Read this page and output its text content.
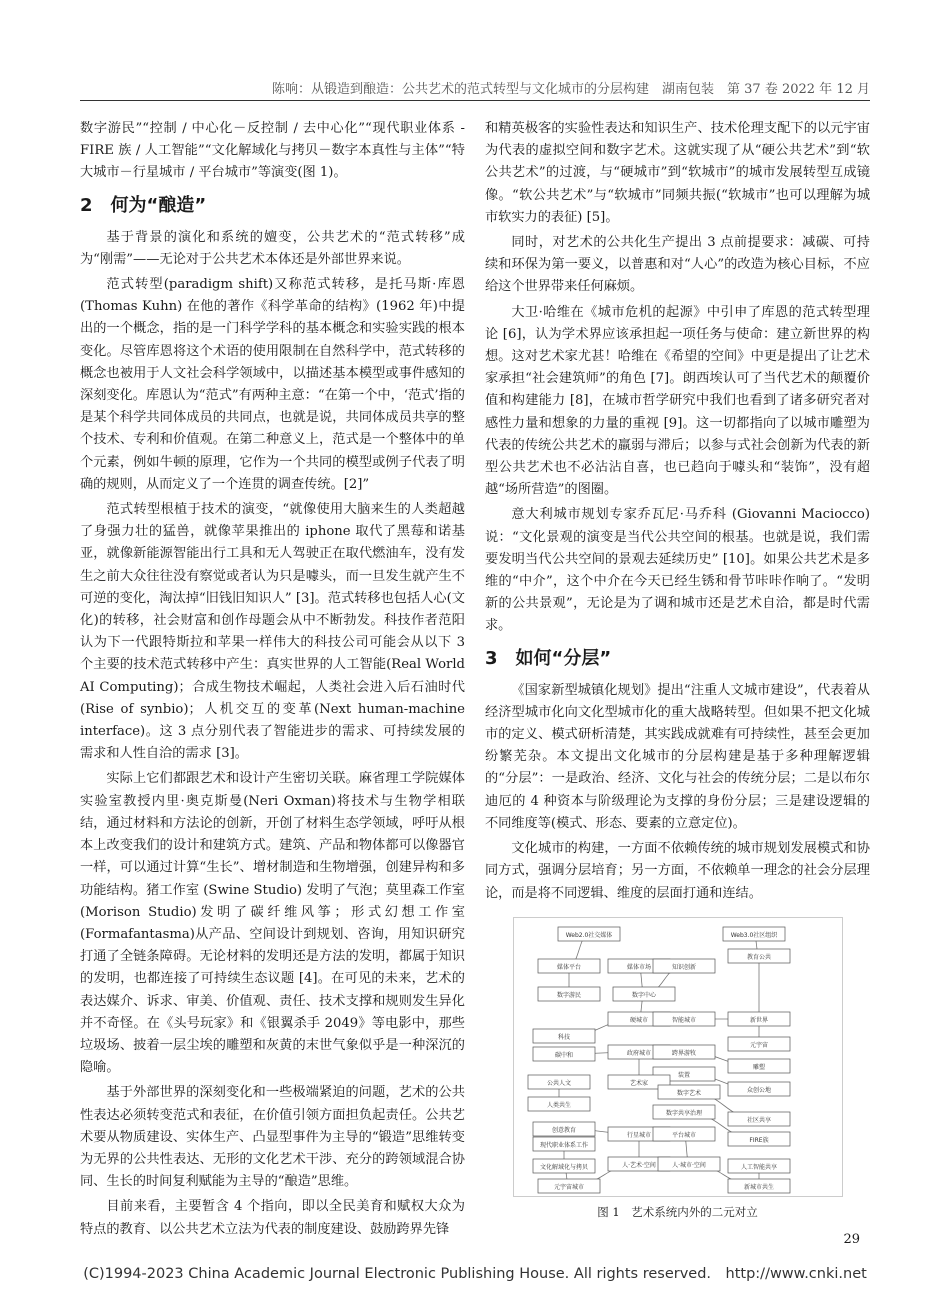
陈响：从锻造到酿造：公共艺术的范式转型与文化城市的分层构建　湖南包装　第 37 卷 2022 年 12 月

数字游民”“控制 / 中心化－反控制 / 去中心化”“现代职业体系 -FIRE 族 / 人工智能”“文化解域化与拷贝－数字本真性与主体”“特大城市－行星城市 / 平台城市”等演变(图 1)。

2　何为“酿造”

基于背景的演化和系统的嬗变，公共艺术的“范式转移”成为“刚需”——无论对于公共艺术本体还是外部世界来说。

范式转型(paradigm shift)又称范式转移，是托马斯·库恩(Thomas Kuhn) 在他的著作《科学革命的结构》(1962 年)中提出的一个概念，指的是一门科学学科的基本概念和实验实践的根本变化。尽管库恩将这个术语的使用限制在自然科学中，范式转移的概念也被用于人文社会科学领域中，以描述基本模型或事件感知的深刻变化。库恩认为“范式”有两种主意：“在第一个中，‘范式’指的是某个科学共同体成员的共同点，也就是说，共同体成员共享的整个技术、专利和价值观。在第二种意义上，范式是一个整体中的单个元素，例如牛顿的原理，它作为一个共同的模型或例子代表了明确的规则，从而定义了一个连贯的调查传统。[2]”

范式转型根植于技术的演变，“就像使用大脑来生的人类超越了身强力壮的猛兽，就像苹果推出的 iphone 取代了黑莓和诺基亚，就像新能源智能出行工具和无人驾驶正在取代燃油车，没有发生之前大众往往没有察觉或者认为只是噱头，而一旦发生就产生不可逆的变化，淘汰掉“旧钱旧知识人” [3]。范式转移也包括人心(文化)的转移，社会财富和创作母题会从中不断勃发。科技作者范阳认为下一代跟特斯拉和苹果一样伟大的科技公司可能会从以下 3 个主要的技术范式转移中产生：真实世界的人工智能(Real World AI Computing)；合成生物技术崛起，人类社会进入后石油时代(Rise of synbio)；人机交互的变革(Next human-machine interface)。这 3 点分别代表了智能进步的需求、可持续发展的需求和人性自洽的需求 [3]。

实际上它们都跟艺术和设计产生密切关联。麻省理工学院媒体实验室教授内里·奥克斯曼(Neri Oxman)将技术与生物学相联结，通过材料和方法论的创新，开创了材料生态学领域，呼吁从根本上改变我们的设计和建筑方式。建筑、产品和物体都可以像器官一样，可以通过计算“生长”、增材制造和生物增强，创建异构和多功能结构。猪工作室 (Swine Studio) 发明了气泡；莫里森工作室(Morison Studio)发明了碳纤维风筝；形式幻想工作室(Formafantasma)从产品、空间设计到规划、咨询，用知识研究打通了全链条障碍。无论材料的发明还是方法的发明，都属于知识的发明，也都连接了可持续生态议题 [4]。在可见的未来，艺术的表达媒介、诉求、审美、价值观、责任、技术支撑和规则发生异化并不奇怪。在《头号玩家》和《银翼杀手 2049》等电影中，那些垃圾场、披着一层尘埃的雕塑和灰黄的末世气象似乎是一种深沉的隐喻。

基于外部世界的深刻变化和一些极端紧迫的问题，艺术的公共性表达必须转变范式和表征，在价值引领方面担负起责任。公共艺术要从物质建设、实体生产、凸显型事件为主导的“锻造”思维转变为无界的公共性表达、无形的文化艺术干涉、充分的跨领域混合协同、生长的时间复利赋能为主导的“酿造”思维。

目前来看，主要暂含 4 个指向，即以全民美育和赋权大众为特点的教育、以公共艺术立法为代表的制度建设、鼓励跨界先锋

和精英极客的实验性表达和知识生产、技术伦理支配下的以元宇宙为代表的虚拟空间和数字艺术。这就实现了从“硬公共艺术”到“软公共艺术”的过渡，与“硬城市”到“软城市”的城市发展转型互成镜像。“软公共艺术”与“软城市”同频共振(“软城市”也可以理解为城市软实力的表征) [5]。

同时，对艺术的公共化生产提出 3 点前提要求：减碳、可持续和环保为第一要义，以普惠和对“人心”的改造为核心目标，不应给这个世界带来任何麻烦。

大卫·哈维在《城市危机的起源》中引申了库恩的范式转型理论 [6]，认为学术界应该承担起一项任务与使命：建立新世界的构想。这对艺术家尤甚！哈维在《希望的空间》中更是提出了让艺术家承担“社会建筑师”的角色 [7]。朗西埃认可了当代艺术的颠覆价值和构建能力 [8]，在城市哲学研究中我们也看到了诸多研究者对感性力量和想象的力量的重视 [9]。这一切都指向了以城市雕塑为代表的传统公共艺术的羸弱与滞后；以参与式社会创新为代表的新型公共艺术也不必沾沾自喜，也已趋向于噱头和“装饰”，没有超越“场所营造”的图圈。

意大利城市规划专家乔瓦尼·马乔科 (Giovanni Maciocco) 说：“文化景观的演变是当代公共空间的根基。也就是说，我们需要发明当代公共空间的景观去延续历史” [10]。如果公共艺术是多维的“中介”，这个中介在今天已经生锈和骨节咔咔作响了。“发明新的公共景观”，无论是为了调和城市还是艺术自洽，都是时代需求。

3　如何“分层”

《国家新型城镇化规划》提出“注重人文城市建设”，代表着从经济型城市化向文化型城市化的重大战略转型。但如果不把文化城市的定义、模式研析清楚，其实践成就难有可持续性，甚至会更加纷繁芜杂。本文提出文化城市的分层构建是基于多种理解逻辑的“分层”：一是政治、经济、文化与社会的传统分层；二是以布尔迪厄的 4 种资本与阶级理论为支撑的身份分层；三是建设逻辑的不同维度等(模式、形态、要素的立意定位)。

文化城市的构建，一方面不依赖传统的城市规划发展模式和协同方式，强调分层培育；另一方面，不依赖单一理念的社会分层理论，而是将不同逻辑、维度的层面打通和连结。

Web2.0社交媒体	Web3.0社区组织
媒体平台
教育公共
媒体市场	知识创新
数字游民	数字中心
硬城市	智能城市	新世界
科技
碳中和
元宇宙
政府城市	跨界游牧
雕塑
装置
公共人文	艺术家
众创公地
数字艺术
人类共生
数字共享治理
社区共享
创意教育
现代职业体系工作
FIRE族
行星城市	平台城市
文化解域化与拷贝	人工智能共享
人·艺术·空间	人·城市·空间
元宇宙城市	新城市共生
图 1　艺术系统内外的二元对立
29
(C)1994-2023 China Academic Journal Electronic Publishing House. All rights reserved.　http://www.cnki.net
